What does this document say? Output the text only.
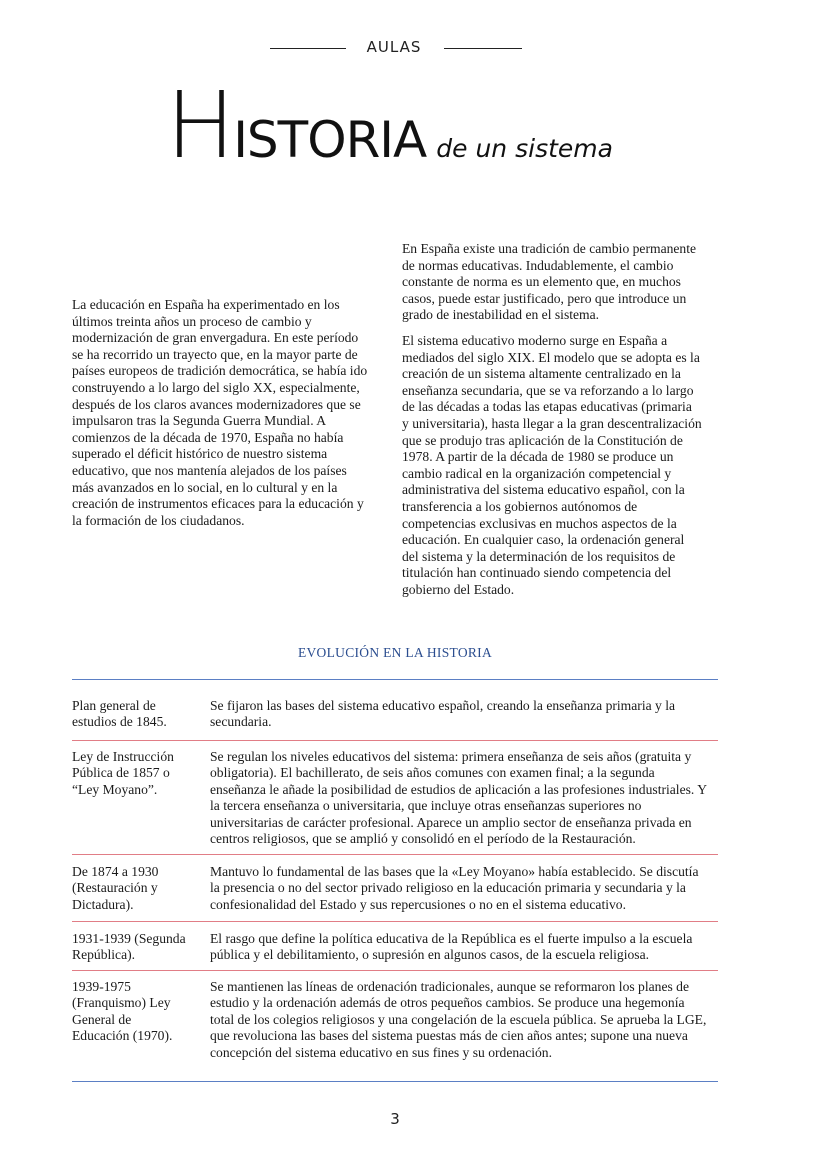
AULAS
HISTORIA de un sistema

La educación en España ha experimentado en los últimos treinta años un proceso de cambio y modernización de gran envergadura. En este período se ha recorrido un trayecto que, en la mayor parte de países europeos de tradición democrática, se había ido construyendo a lo largo del siglo XX, especialmente, después de los claros avances modernizadores que se impulsaron tras la Segunda Guerra Mundial. A comienzos de la década de 1970, España no había superado el déficit histórico de nuestro sistema educativo, que nos mantenía alejados de los países más avanzados en lo social, en lo cultural y en la creación de instrumentos eficaces para la educación y la formación de los ciudadanos.

En España existe una tradición de cambio permanente de normas educativas. Indudablemente, el cambio constante de norma es un elemento que, en muchos casos, puede estar justificado, pero que introduce un grado de inestabilidad en el sistema.

El sistema educativo moderno surge en España a mediados del siglo XIX. El modelo que se adopta es la creación de un sistema altamente centralizado en la enseñanza secundaria, que se va reforzando a lo largo de las décadas a todas las etapas educativas (primaria y universitaria), hasta llegar a la gran descentralización que se produjo tras aplicación de la Constitución de 1978. A partir de la década de 1980 se produce un cambio radical en la organización competencial y administrativa del sistema educativo español, con la transferencia a los gobiernos autónomos de competencias exclusivas en muchos aspectos de la educación. En cualquier caso, la ordenación general del sistema y la determinación de los requisitos de titulación han continuado siendo competencia del gobierno del Estado.

EVOLUCIÓN EN LA HISTORIA
Plan general de estudios de 1845.
Se fijaron las bases del sistema educativo español, creando la enseñanza primaria y la secundaria.
Ley de Instrucción Pública de 1857 o “Ley Moyano”.
Se regulan los niveles educativos del sistema: primera enseñanza de seis años (gratuita y obligatoria). El bachillerato, de seis años comunes con examen final; a la segunda enseñanza le añade la posibilidad de estudios de aplicación a las profesiones industriales. Y la tercera enseñanza o universitaria, que incluye otras enseñanzas superiores no universitarias de carácter profesional. Aparece un amplio sector de enseñanza privada en centros religiosos, que se amplió y consolidó en el período de la Restauración.
De 1874 a 1930 (Restauración y Dictadura).
Mantuvo lo fundamental de las bases que la «Ley Moyano» había establecido. Se discutía la presencia o no del sector privado religioso en la educación primaria y secundaria y la confesionalidad del Estado y sus repercusiones o no en el sistema educativo.
1931-1939 (Segunda República).
El rasgo que define la política educativa de la República es el fuerte impulso a la escuela pública y el debilitamiento, o supresión en algunos casos, de la escuela religiosa.
1939-1975 (Franquismo) Ley General de Educación (1970).
Se mantienen las líneas de ordenación tradicionales, aunque se reformaron los planes de estudio y la ordenación además de otros pequeños cambios. Se produce una hegemonía total de los colegios religiosos y una congelación de la escuela pública. Se aprueba la LGE, que revoluciona las bases del sistema puestas más de cien años antes; supone una nueva concepción del sistema educativo en sus fines y su ordenación.
3
